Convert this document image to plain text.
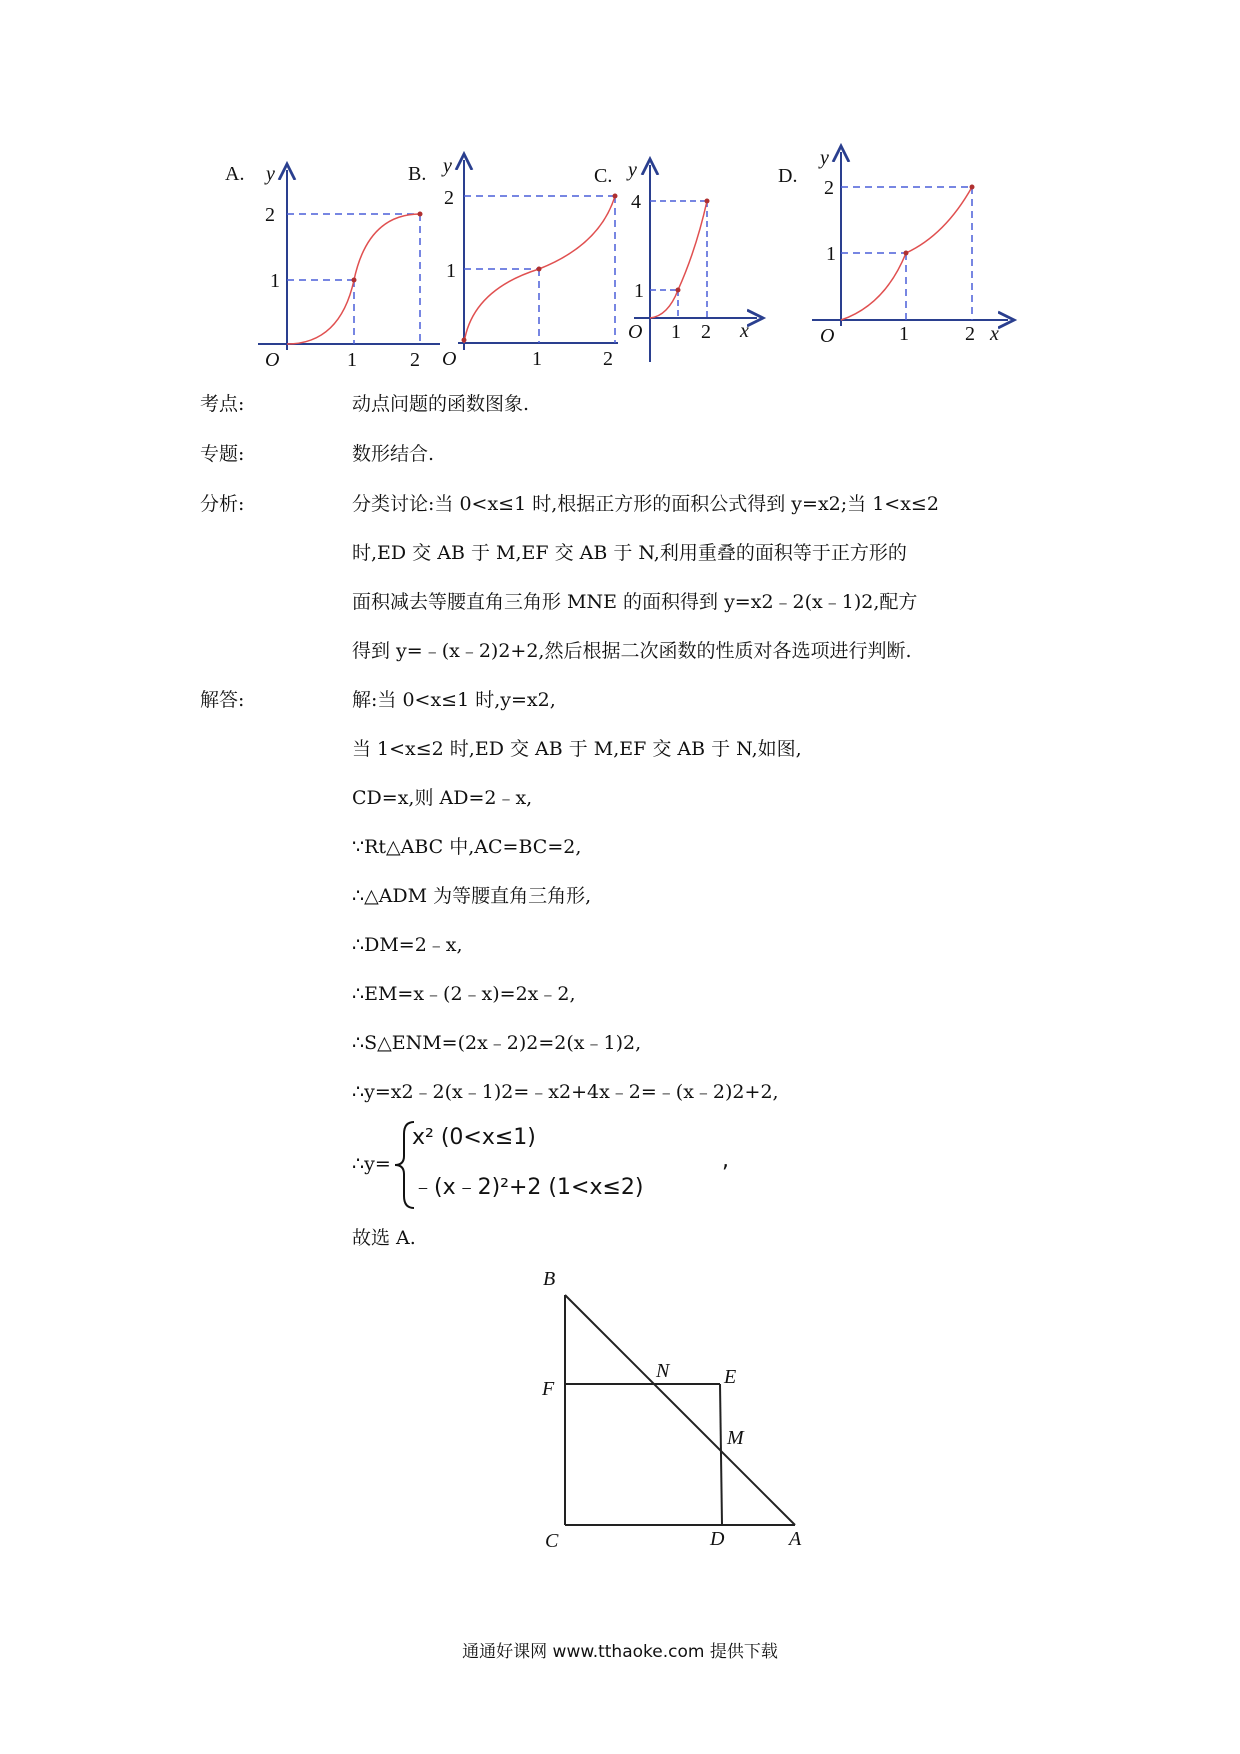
A. y
2
1
O	1	2
B. y
2
1
O	1	2
C. y
x
4
1
O 1 2
D.
y
x
2
1
O	1	2
考点:	动点问题的函数图象.
专题:	数形结合.
分析:	分类讨论:当 0<x≤1 时,根据正方形的面积公式得到 y=x2;当 1<x≤2
时,ED 交 AB 于 M,EF 交 AB 于 N,利用重叠的面积等于正方形的
面积减去等腰直角三角形 MNE 的面积得到 y=x2﹣2(x﹣1)2,配方
得到 y=﹣(x﹣2)2+2,然后根据二次函数的性质对各选项进行判断.
解答:	解:当 0<x≤1 时,y=x2,
当 1<x≤2 时,ED 交 AB 于 M,EF 交 AB 于 N,如图,
CD=x,则 AD=2﹣x,
∵Rt△ABC 中,AC=BC=2,
∴△ADM 为等腰直角三角形,
∴DM=2﹣x,
∴EM=x﹣(2﹣x)=2x﹣2,
∴S△ENM=(2x﹣2)2=2(x﹣1)2,
∴y=x2﹣2(x﹣1)2=﹣x2+4x﹣2=﹣(x﹣2)2+2,
∴y=
x² (0<x≤1)
﹣(x﹣2)²+2 (1<x≤2)
,
故选 A.
B
F
N	E
M
C	D	A
通通好课网 www.tthaoke.com 提供下载
